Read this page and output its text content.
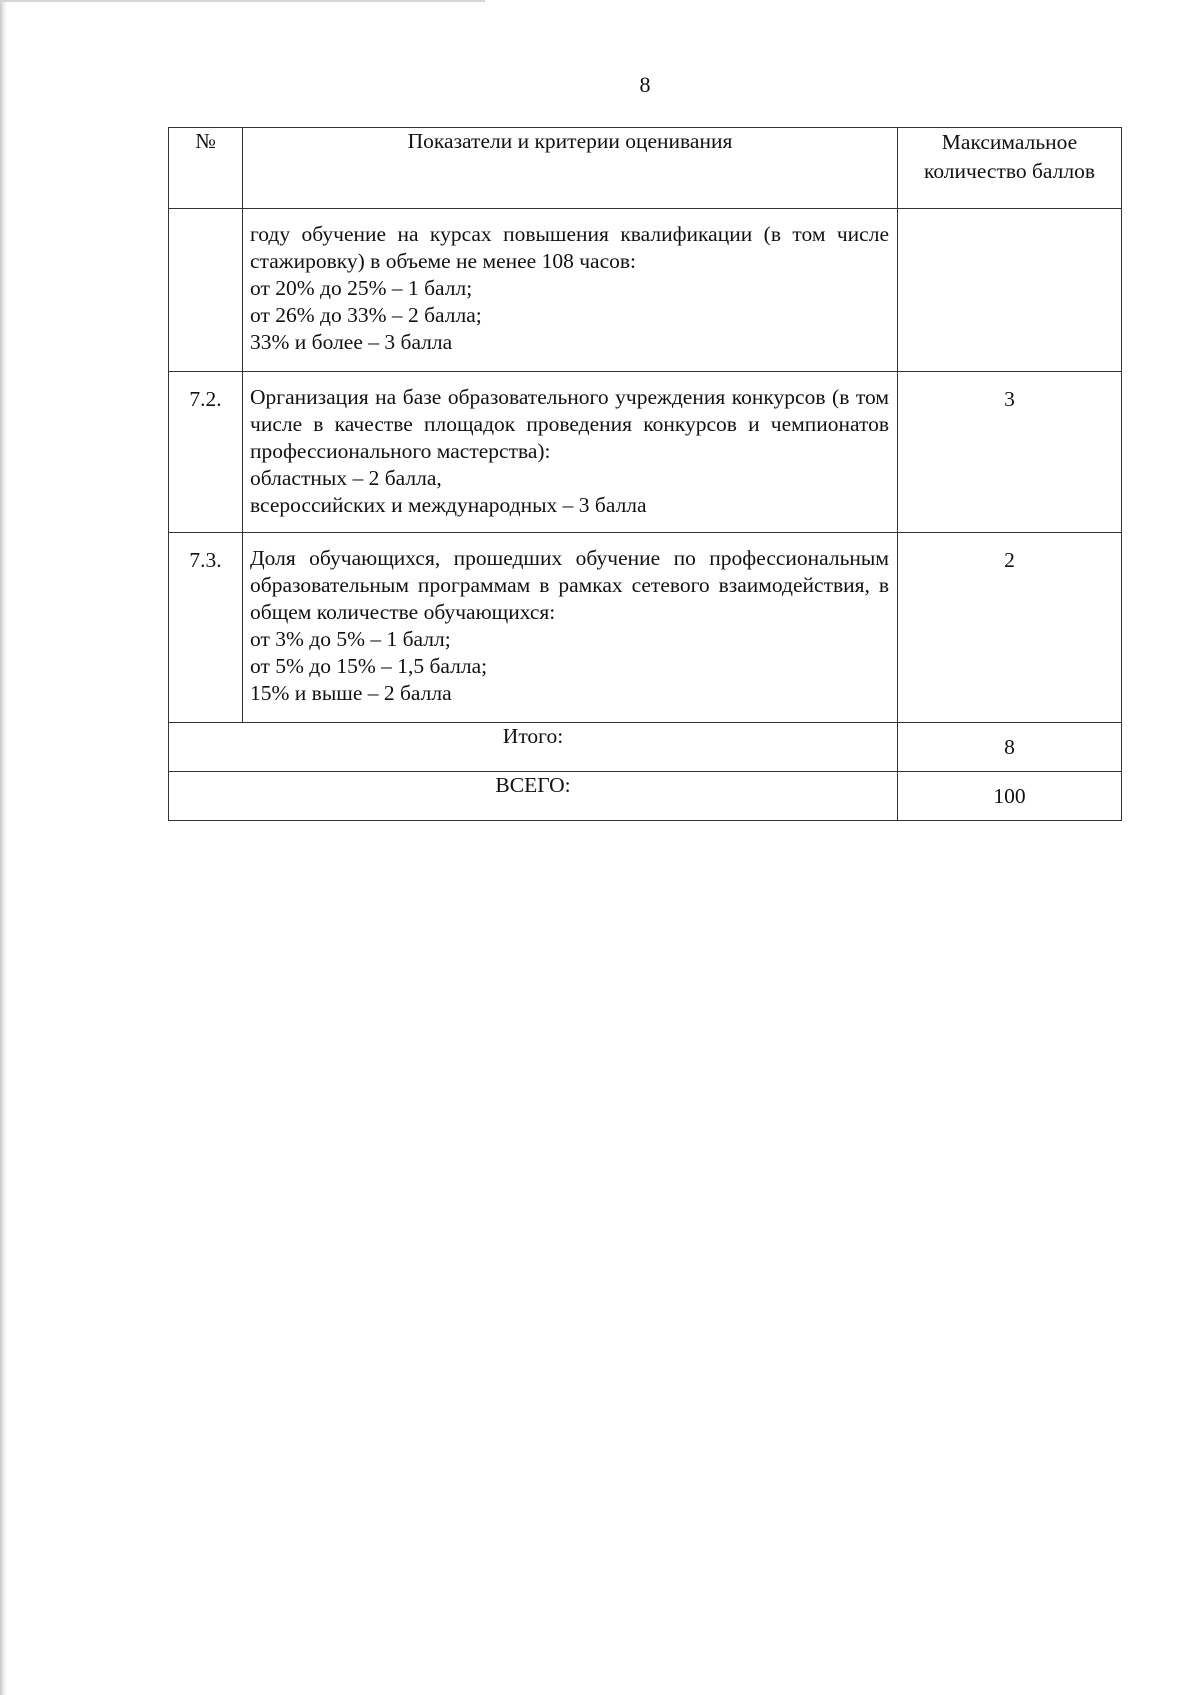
8
№	Показатели и критерии оценивания	Максимальное количество баллов

	году обучение на курсах повышения квалификации (в том числе стажировку) в объеме не менее 108 часов:
от 20% до 25% – 1 балл;
от 26% до 33% – 2 балла;
33% и более – 3 балла	

7.2.	Организация на базе образовательного учреждения конкурсов (в том числе в качестве площадок проведения конкурсов и чемпионатов профессионального мастерства):
областных – 2 балла,
всероссийских и международных – 3 балла	3
7.3.	Доля обучающихся, прошедших обучение по профессиональным образовательным программам в рамках сетевого взаимодействия, в общем количестве обучающихся:
от 3% до 5% – 1 балл;
от 5% до 15% – 1,5 балла;
15% и выше – 2 балла	2
Итого:		8
ВСЕГО:		100
